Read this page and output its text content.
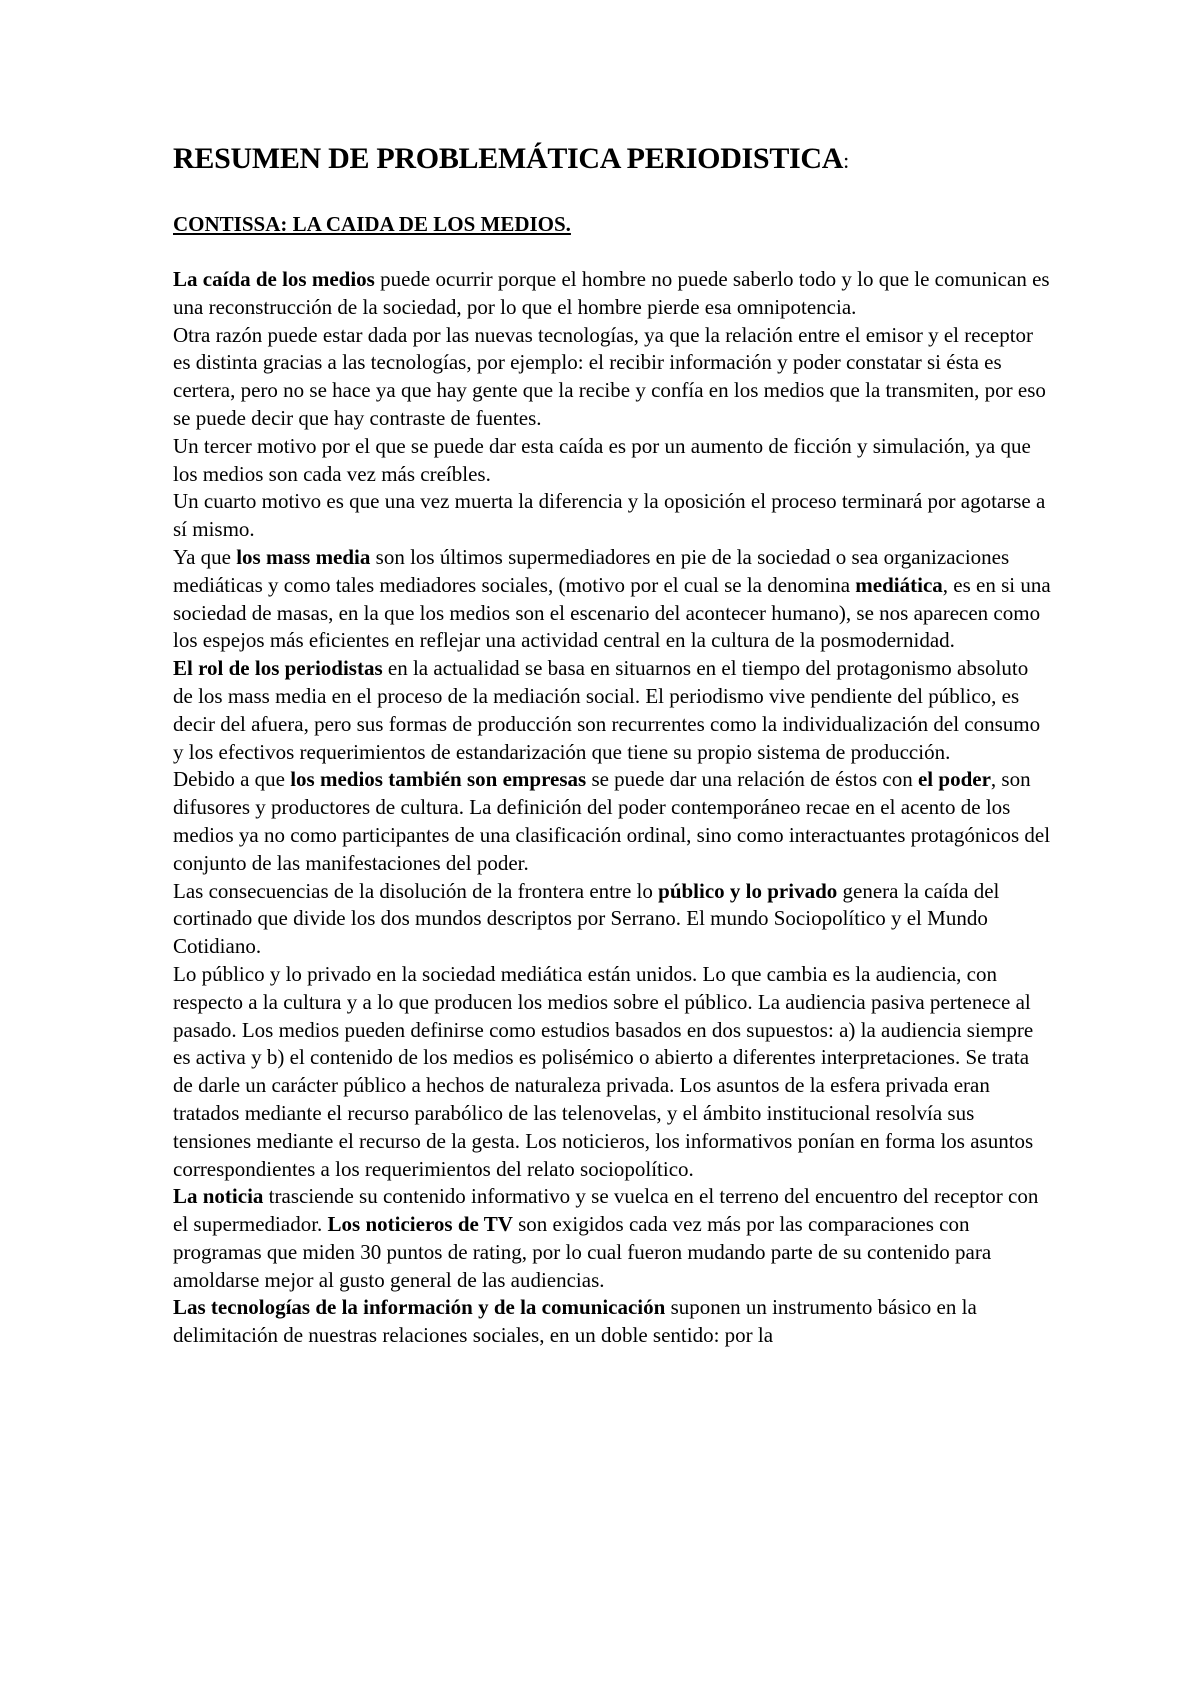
RESUMEN DE PROBLEMÁTICA PERIODISTICA:
CONTISSA: LA CAIDA DE LOS MEDIOS.

La caída de los medios puede ocurrir porque el hombre no puede saberlo todo y lo que le comunican es una reconstrucción de la sociedad, por lo que el hombre pierde esa omnipotencia.

Otra razón puede estar dada por las nuevas tecnologías, ya que la relación entre el emisor y el receptor es distinta gracias a las tecnologías, por ejemplo: el recibir información y poder constatar si ésta es certera, pero no se hace ya que hay gente que la recibe y confía en los medios que la transmiten, por eso se puede decir que hay contraste de fuentes.

Un tercer motivo por el que se puede dar esta caída es por un aumento de ficción y simulación, ya que los medios son cada vez más creíbles.

Un cuarto motivo es que una vez muerta la diferencia y la oposición el proceso terminará por agotarse a sí mismo.

Ya que los mass media son los últimos supermediadores en pie de la sociedad o sea organizaciones mediáticas y como tales mediadores sociales, (motivo por el cual se la denomina mediática, es en si una sociedad de masas, en la que los medios son el escenario del acontecer humano), se nos aparecen como los espejos más eficientes en reflejar una actividad central en la cultura de la posmodernidad.

El rol de los periodistas en la actualidad se basa en situarnos en el tiempo del protagonismo absoluto de los mass media en el proceso de la mediación social. El periodismo vive pendiente del público, es decir del afuera, pero sus formas de producción son recurrentes como la individualización del consumo y los efectivos requerimientos de estandarización que tiene su propio sistema de producción.

Debido a que los medios también son empresas se puede dar una relación de éstos con el poder, son difusores y productores de cultura. La definición del poder contemporáneo recae en el acento de los medios ya no como participantes de una clasificación ordinal, sino como interactuantes protagónicos del conjunto de las manifestaciones del poder.

Las consecuencias de la disolución de la frontera entre lo público y lo privado genera la caída del cortinado que divide los dos mundos descriptos por Serrano. El mundo Sociopolítico y el Mundo Cotidiano.

Lo público y lo privado en la sociedad mediática están unidos. Lo que cambia es la audiencia, con respecto a la cultura y a lo que producen los medios sobre el público. La audiencia pasiva pertenece al pasado. Los medios pueden definirse como estudios basados en dos supuestos: a) la audiencia siempre es activa y b) el contenido de los medios es polisémico o abierto a diferentes interpretaciones. Se trata de darle un carácter público a hechos de naturaleza privada. Los asuntos de la esfera privada eran tratados mediante el recurso parabólico de las telenovelas, y el ámbito institucional resolvía sus tensiones mediante el recurso de la gesta. Los noticieros, los informativos ponían en forma los asuntos correspondientes a los requerimientos del relato sociopolítico.

La noticia trasciende su contenido informativo y se vuelca en el terreno del encuentro del receptor con el supermediador. Los noticieros de TV son exigidos cada vez más por las comparaciones con programas que miden 30 puntos de rating, por lo cual fueron mudando parte de su contenido para amoldarse mejor al gusto general de las audiencias.

Las tecnologías de la información y de la comunicación suponen un instrumento básico en la delimitación de nuestras relaciones sociales, en un doble sentido: por la
